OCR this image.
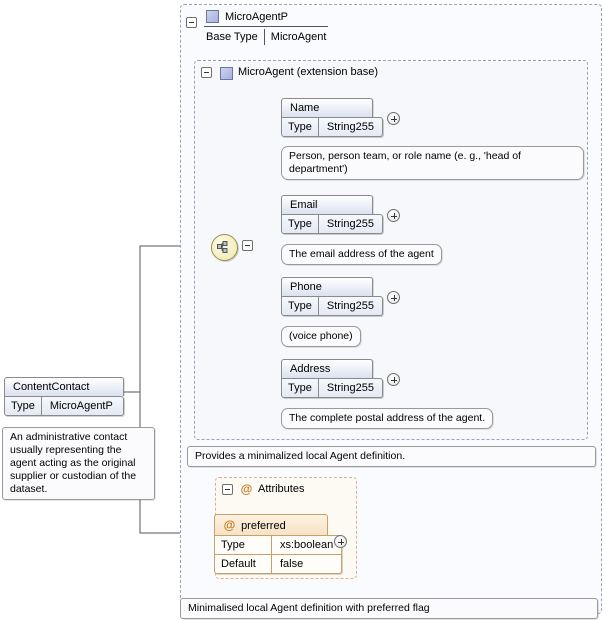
MicroAgentP
Base Type	MicroAgent
MicroAgent (extension base)
Name
Type	String255
Person, person team, or role name (e. g., 'head of department')
Email
Type	String255
The email address of the agent
Phone
Type	String255
(voice phone)
Address
Type	String255
The complete postal address of the agent.
Provides a minimalized local Agent definition.
@ Attributes
@ preferred
Type	xs:boolean
Default	false
Minimalised local Agent definition with preferred flag
ContentContact
Type	MicroAgentP
An administrative contact usually representing the agent acting as the original supplier or custodian of the dataset.
